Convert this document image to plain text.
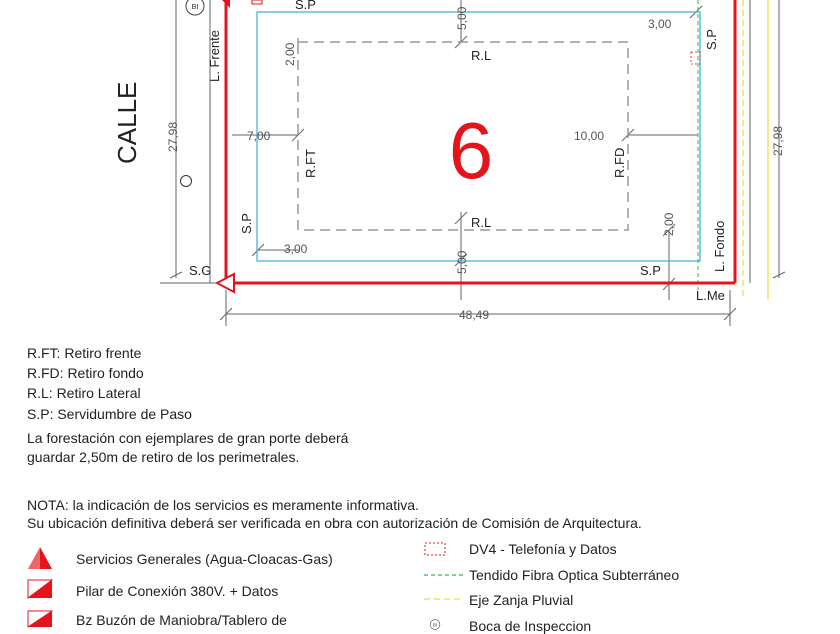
BI
6
CALLE
L. Frente
L. Fondo
S.P
S.P
R.FT	R.FD
S.P
S.P
R.L
R.L
S.G
L.Me
27,98	27,98
48,49
5,00
5,00
2,00
2,00
7,00	10,00
3,00
3,00
R.FT: Retiro frente
R.FD: Retiro fondo
R.L: Retiro Lateral
S.P: Servidumbre de Paso
La forestación con ejemplares de gran porte deberá
guardar 2,50m de retiro de los perimetrales.
NOTA: la indicación de los servicios es meramente informativa.
Su ubicación definitiva deberá ser verificada en obra con autorización de Comisión de Arquitectura.
Servicios Generales (Agua-Cloacas-Gas)
Pilar de Conexión 380V. + Datos
Bz Buzón de Maniobra/Tablero de
DV4 - Telefonía y Datos
Tendido Fibra Optica Subterráneo
Eje Zanja Pluvial
BI Boca de Inspeccion
